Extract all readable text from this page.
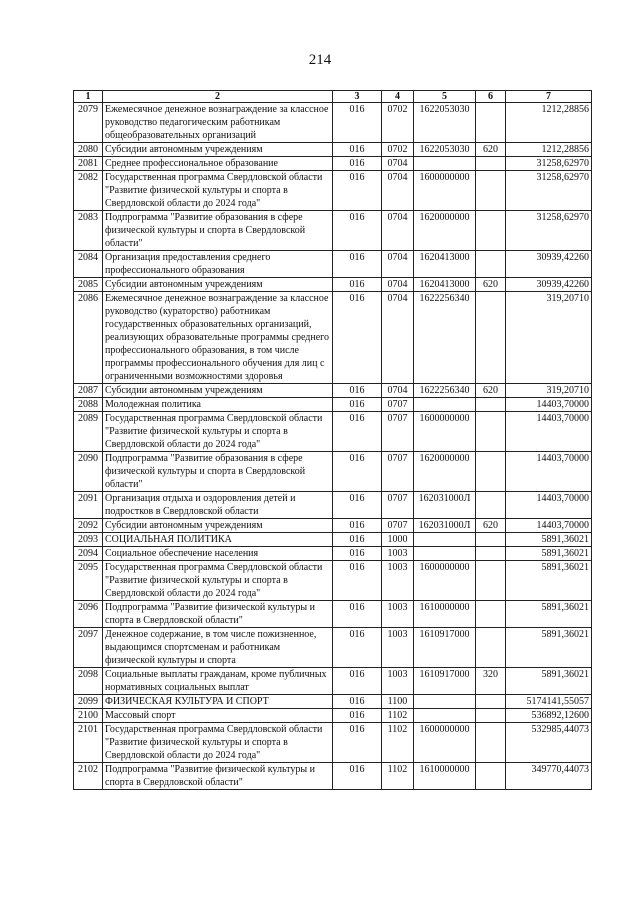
214
1	2	3	4	5	6	7
2079	Ежемесячное денежное вознаграждение за классное руководство педагогическим работникам общеобразовательных организаций	016	0702	1622053030		1212,28856
2080	Субсидии автономным учреждениям	016	0702	1622053030	620	1212,28856
2081	Среднее профессиональное образование	016	0704			31258,62970
2082	Государственная программа Свердловской области "Развитие физической культуры и спорта в Свердловской области до 2024 года"	016	0704	1600000000		31258,62970
2083	Подпрограмма "Развитие образования в сфере физической культуры и спорта в Свердловской области"	016	0704	1620000000		31258,62970
2084	Организация предоставления среднего профессионального образования	016	0704	1620413000		30939,42260
2085	Субсидии автономным учреждениям	016	0704	1620413000	620	30939,42260
2086	Ежемесячное денежное вознаграждение за классное руководство (кураторство) работникам государственных образовательных организаций, реализующих образовательные программы среднего профессионального образования, в том числе программы профессионального обучения для лиц с ограниченными возможностями здоровья	016	0704	1622256340		319,20710
2087	Субсидии автономным учреждениям	016	0704	1622256340	620	319,20710
2088	Молодежная политика	016	0707			14403,70000
2089	Государственная программа Свердловской области "Развитие физической культуры и спорта в Свердловской области до 2024 года"	016	0707	1600000000		14403,70000
2090	Подпрограмма "Развитие образования в сфере физической культуры и спорта в Свердловской области"	016	0707	1620000000		14403,70000
2091	Организация отдыха и оздоровления детей и подростков в Свердловской области	016	0707	162031000Л		14403,70000
2092	Субсидии автономным учреждениям	016	0707	162031000Л	620	14403,70000
2093	СОЦИАЛЬНАЯ ПОЛИТИКА	016	1000			5891,36021
2094	Социальное обеспечение населения	016	1003			5891,36021
2095	Государственная программа Свердловской области "Развитие физической культуры и спорта в Свердловской области до 2024 года"	016	1003	1600000000		5891,36021
2096	Подпрограмма "Развитие физической культуры и спорта в Свердловской области"	016	1003	1610000000		5891,36021
2097	Денежное содержание, в том числе пожизненное, выдающимся спортсменам и работникам физической культуры и спорта	016	1003	1610917000		5891,36021
2098	Социальные выплаты гражданам, кроме публичных нормативных социальных выплат	016	1003	1610917000	320	5891,36021
2099	ФИЗИЧЕСКАЯ КУЛЬТУРА И СПОРТ	016	1100			5174141,55057
2100	Массовый спорт	016	1102			536892,12600
2101	Государственная программа Свердловской области "Развитие физической культуры и спорта в Свердловской области до 2024 года"	016	1102	1600000000		532985,44073
2102	Подпрограмма "Развитие физической культуры и спорта в Свердловской области"	016	1102	1610000000		349770,44073
